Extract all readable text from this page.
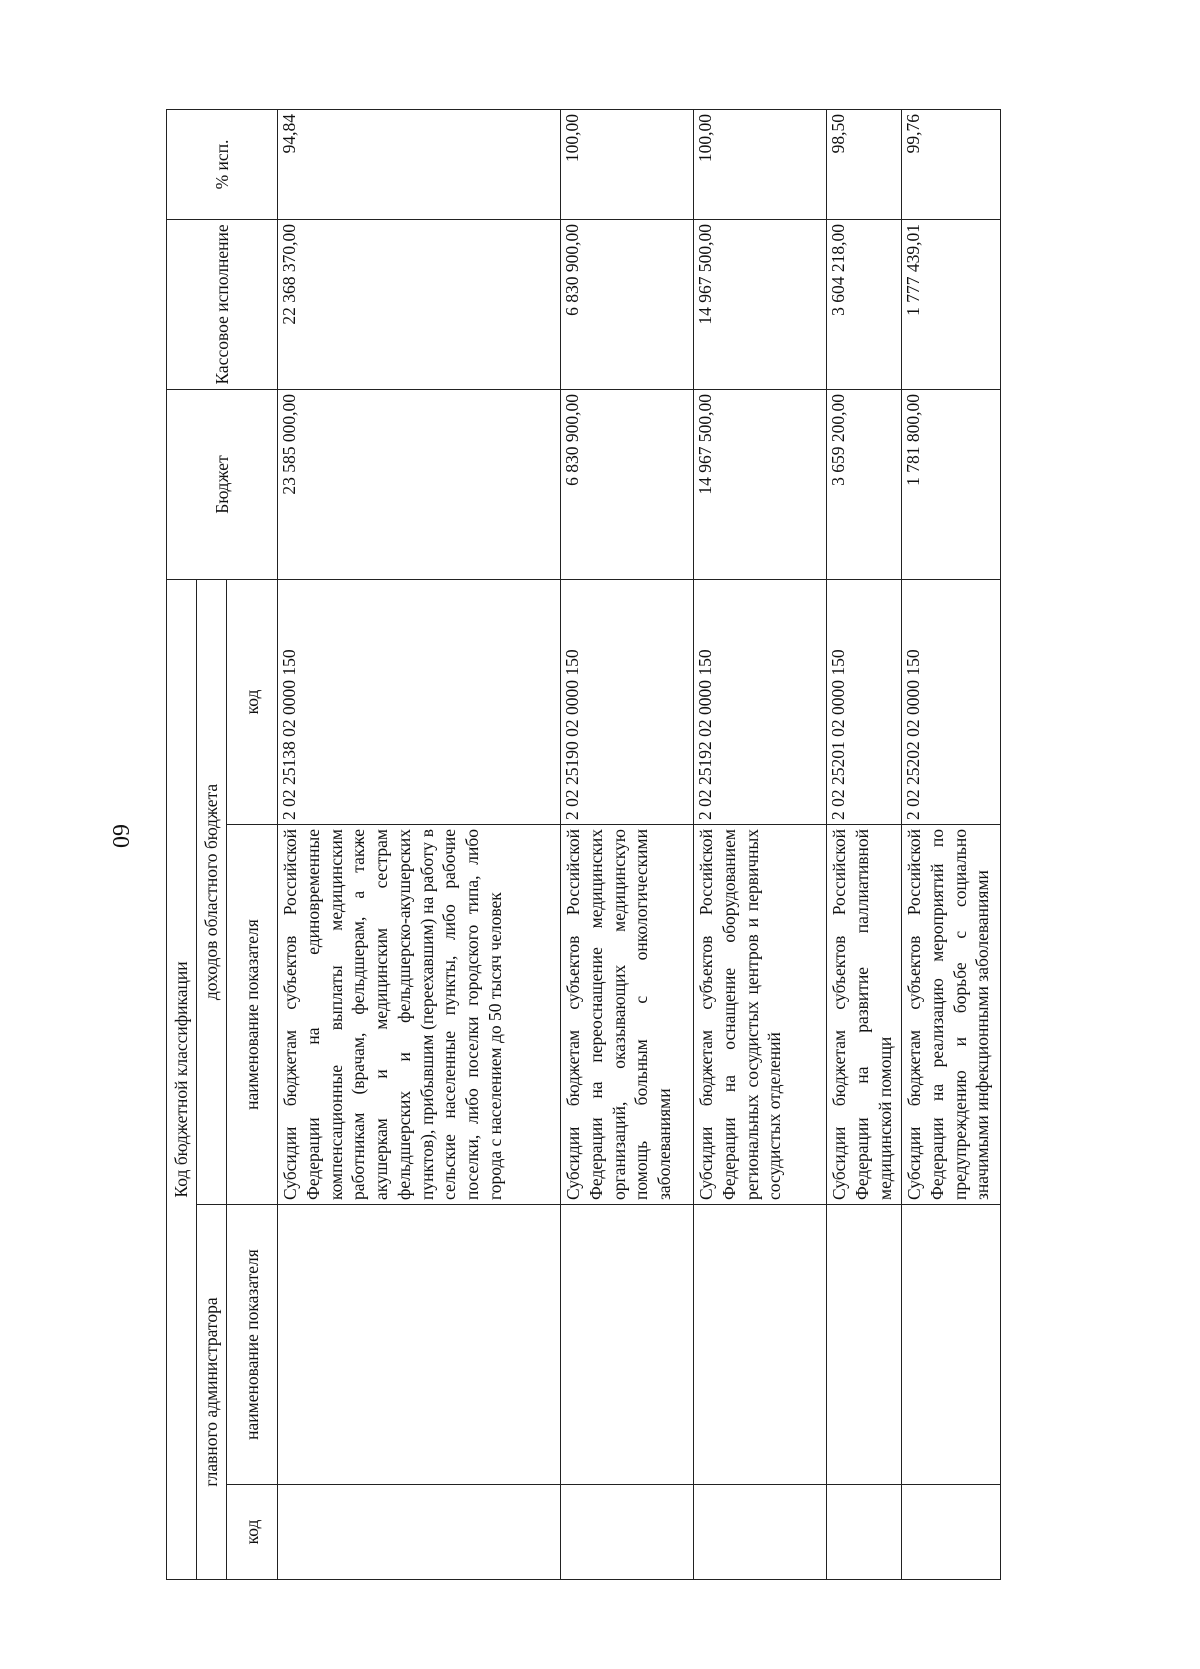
60
Код бюджетной классификации				Бюджет	Кассовое исполнение	% исп.
главного администратора		доходов областного бюджета				
код	наименование показателя	наименование показателя	код			
		Субсидии бюджетам субъектов Российской Федерации на единовременные компенсационные выплаты медицинским работникам (врачам, фельдшерам, а также акушеркам и медицинским сестрам фельдшерских и фельдшерско-акушерских пунктов), прибывшим (переехавшим) на работу в сельские населенные пункты, либо рабочие поселки, либо поселки городского типа, либо города с населением до 50 тысяч человек	2 02 25138 02 0000 150	23 585 000,00	22 368 370,00	94,84
		Субсидии бюджетам субъектов Российской Федерации на переоснащение медицинских организаций, оказывающих медицинскую помощь больным с онкологическими заболеваниями	2 02 25190 02 0000 150	6 830 900,00	6 830 900,00	100,00
		Субсидии бюджетам субъектов Российской Федерации на оснащение оборудованием региональных сосудистых центров и первичных сосудистых отделений	2 02 25192 02 0000 150	14 967 500,00	14 967 500,00	100,00
		Субсидии бюджетам субъектов Российской Федерации на развитие паллиативной медицинской помощи	2 02 25201 02 0000 150	3 659 200,00	3 604 218,00	98,50
		Субсидии бюджетам субъектов Российской Федерации на реализацию мероприятий по предупреждению и борьбе с социально значимыми инфекционными заболеваниями	2 02 25202 02 0000 150	1 781 800,00	1 777 439,01	99,76
